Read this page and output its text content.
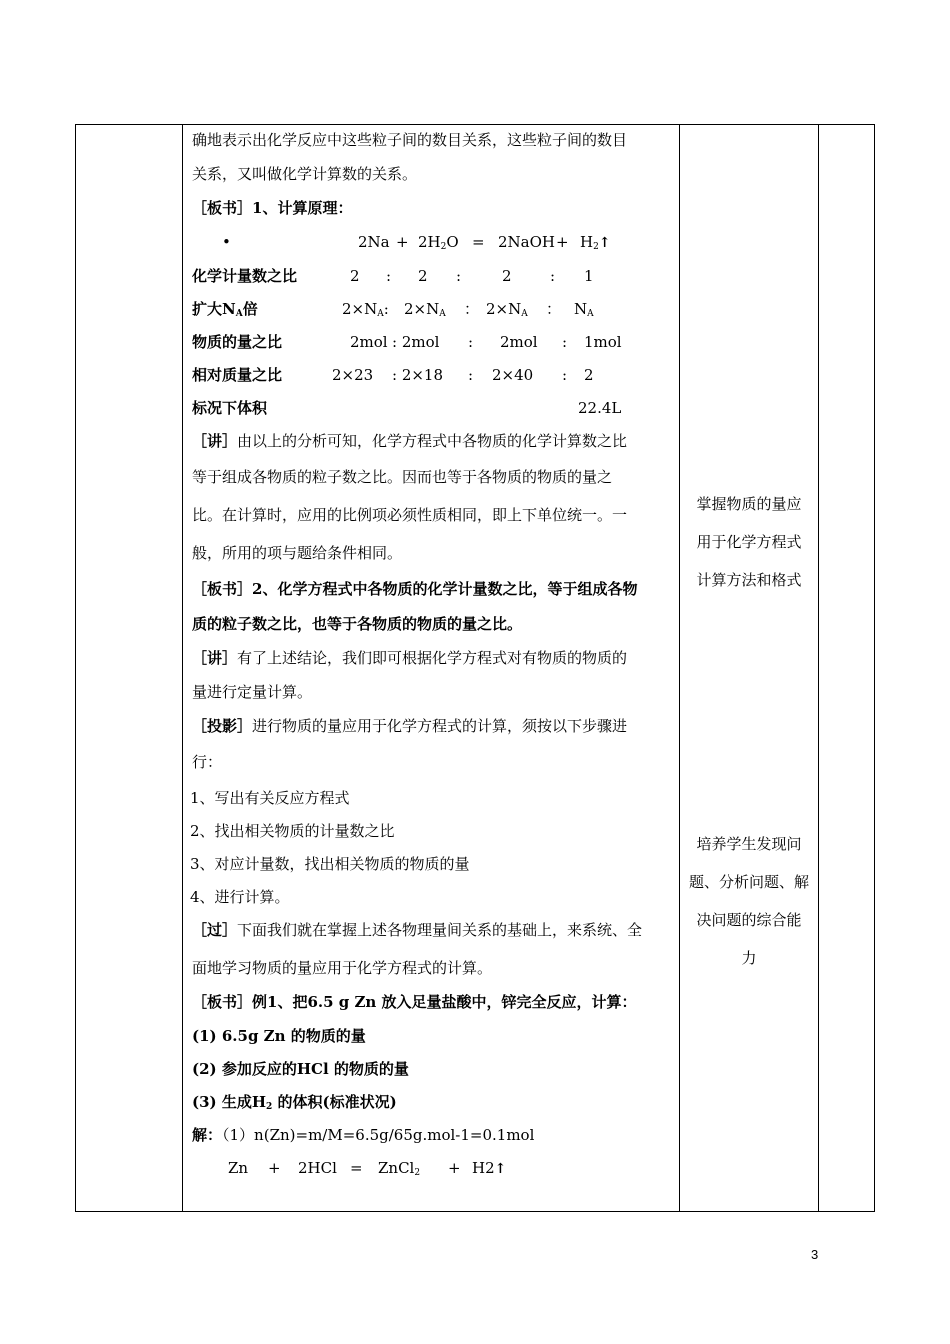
确地表示出化学反应中这些粒子间的数目关系，这些粒子间的数目
关系，又叫做化学计算数的关系。
［板书］1、计算原理：
•	$2Na + 2H_2O$ = 2NaOH + $H_2↑$
化学计量数之比	2 : 2 :	2	: 1
扩大$N_A$倍	$2\times N_A$: $2\times N_A$ ： $2\times N_A$ ： $N_A$
物质的量之比	2mol : 2mol : 2mol : 1mol
相对质量之比	2×23 : 2×18 : 2×40 : 2
标况下体积	22.4L
［讲］由以上的分析可知，化学方程式中各物质的化学计算数之比
等于组成各物质的粒子数之比。因而也等于各物质的物质的量之
比。在计算时，应用的比例项必须性质相同，即上下单位统一。一
般，所用的项与题给条件相同。
［板书］2、化学方程式中各物质的化学计量数之比，等于组成各物
质的粒子数之比，也等于各物质的物质的量之比。
［讲］有了上述结论，我们即可根据化学方程式对有物质的物质的
量进行定量计算。
［投影］进行物质的量应用于化学方程式的计算，须按以下步骤进
行：
1、写出有关反应方程式
2、找出相关物质的计量数之比
3、对应计量数，找出相关物质的物质的量
4、进行计算。
［过］下面我们就在掌握上述各物理量间关系的基础上，来系统、全
面地学习物质的量应用于化学方程式的计算。
［板书］例1、把6.5 g Zn 放入足量盐酸中，锌完全反应，计算：
(1) 6.5g Zn 的物质的量
(2) 参加反应的HCl 的物质的量
(3) 生成$H_2$ 的体积(标准状况)
解：（1）n(Zn)=m/M=6.5g/65g.mol-1=0.1mol
Zn + 2HCl = ZnCl$_2$ + H2↑
掌握物质的量应
用于化学方程式
计算方法和格式
培养学生发现问
题、分析问题、解
决问题的综合能
力
3
